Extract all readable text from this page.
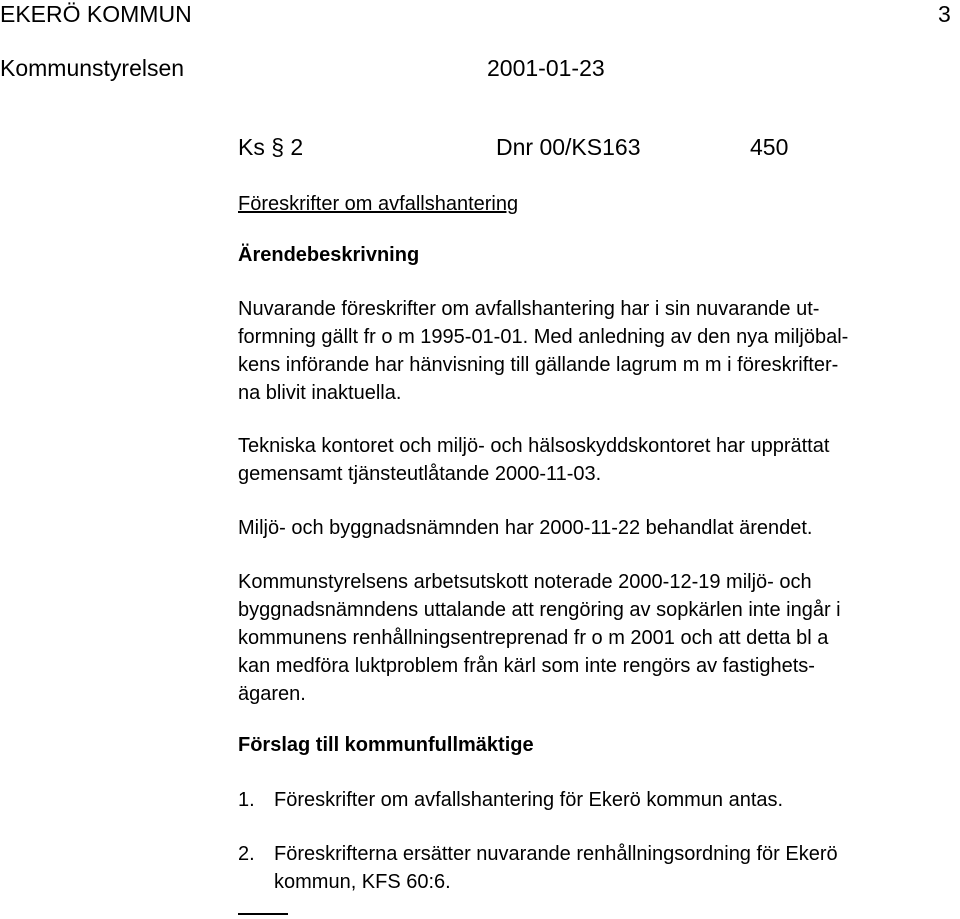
EKERÖ KOMMUN	3
Kommunstyrelsen	2001-01-23
Ks § 2	Dnr 00/KS163	450
Föreskrifter om avfallshantering
Ärendebeskrivning
Nuvarande föreskrifter om avfallshantering har i sin nuvarande ut-
formning gällt fr o m 1995-01-01. Med anledning av den nya miljöbal-
kens införande har hänvisning till gällande lagrum m m i föreskrifter-
na blivit inaktuella.
Tekniska kontoret och miljö- och hälsoskyddskontoret har upprättat
gemensamt tjänsteutlåtande 2000-11-03.
Miljö- och byggnadsnämnden har 2000-11-22 behandlat ärendet.
Kommunstyrelsens arbetsutskott noterade 2000-12-19 miljö- och
byggnadsnämndens uttalande att rengöring av sopkärlen inte ingår i
kommunens renhållningsentreprenad fr o m 2001 och att detta bl a
kan medföra luktproblem från kärl som inte rengörs av fastighets-
ägaren.
Förslag till kommunfullmäktige
1. Föreskrifter om avfallshantering för Ekerö kommun antas.
2. Föreskrifterna ersätter nuvarande renhållningsordning för Ekerö
kommun, KFS 60:6.
